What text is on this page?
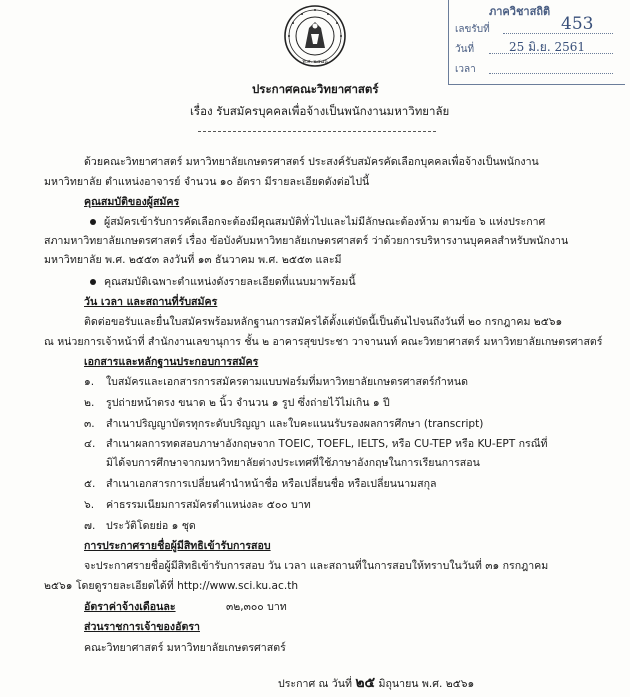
ภาควิชาสถิติ
เลขรับที่	453
วันที่	25 มิ.ย. 2561
เวลา
พ.ศ. ๒๔๘๖
ประกาศคณะวิทยาศาสตร์
เรื่อง รับสมัครบุคคลเพื่อจ้างเป็นพนักงานมหาวิทยาลัย
ด้วยคณะวิทยาศาสตร์ มหาวิทยาลัยเกษตรศาสตร์ ประสงค์รับสมัครคัดเลือกบุคคลเพื่อจ้างเป็นพนักงาน
มหาวิทยาลัย ตำแหน่งอาจารย์ จำนวน ๑๐ อัตรา มีรายละเอียดดังต่อไปนี้
คุณสมบัติของผู้สมัคร
ผู้สมัครเข้ารับการคัดเลือกจะต้องมีคุณสมบัติทั่วไปและไม่มีลักษณะต้องห้าม ตามข้อ ๖ แห่งประกาศ
สภามหาวิทยาลัยเกษตรศาสตร์ เรื่อง ข้อบังคับมหาวิทยาลัยเกษตรศาสตร์ ว่าด้วยการบริหารงานบุคคลสำหรับพนักงาน
มหาวิทยาลัย พ.ศ. ๒๕๕๓ ลงวันที่ ๑๓ ธันวาคม พ.ศ. ๒๕๕๓ และมี
คุณสมบัติเฉพาะตำแหน่งดังรายละเอียดที่แนบมาพร้อมนี้
วัน เวลา และสถานที่รับสมัคร
ติดต่อขอรับและยื่นใบสมัครพร้อมหลักฐานการสมัครได้ตั้งแต่บัดนี้เป็นต้นไปจนถึงวันที่ ๒๐ กรกฎาคม ๒๕๖๑
ณ หน่วยการเจ้าหน้าที่ สำนักงานเลขานุการ ชั้น ๒ อาคารสุขประชา วาจานนท์ คณะวิทยาศาสตร์ มหาวิทยาลัยเกษตรศาสตร์
เอกสารและหลักฐานประกอบการสมัคร
๑. ใบสมัครและเอกสารการสมัครตามแบบฟอร์มที่มหาวิทยาลัยเกษตรศาสตร์กำหนด
๒. รูปถ่ายหน้าตรง ขนาด ๒ นิ้ว จำนวน ๑ รูป ซึ่งถ่ายไว้ไม่เกิน ๑ ปี
๓. สำเนาปริญญาบัตรทุกระดับปริญญา และใบคะแนนรับรองผลการศึกษา (transcript)
๔. สำเนาผลการทดสอบภาษาอังกฤษจาก TOEIC, TOEFL, IELTS, หรือ CU-TEP หรือ KU-EPT กรณีที่
มิได้จบการศึกษาจากมหาวิทยาลัยต่างประเทศที่ใช้ภาษาอังกฤษในการเรียนการสอน
๕. สำเนาเอกสารการเปลี่ยนคำนำหน้าชื่อ หรือเปลี่ยนชื่อ หรือเปลี่ยนนามสกุล
๖. ค่าธรรมเนียมการสมัครตำแหน่งละ ๕๐๐ บาท
๗. ประวัติโดยย่อ ๑ ชุด
การประกาศรายชื่อผู้มีสิทธิเข้ารับการสอบ
จะประกาศรายชื่อผู้มีสิทธิเข้ารับการสอบ วัน เวลา และสถานที่ในการสอบให้ทราบในวันที่ ๓๑ กรกฎาคม
๒๕๖๑ โดยดูรายละเอียดได้ที่ http://www.sci.ku.ac.th
อัตราค่าจ้างเดือนละ	๓๒,๓๐๐ บาท
ส่วนราชการเจ้าของอัตรา
คณะวิทยาศาสตร์ มหาวิทยาลัยเกษตรศาสตร์
ประกาศ ณ วันที่ ๒๕ มิถุนายน พ.ศ. ๒๕๖๑
